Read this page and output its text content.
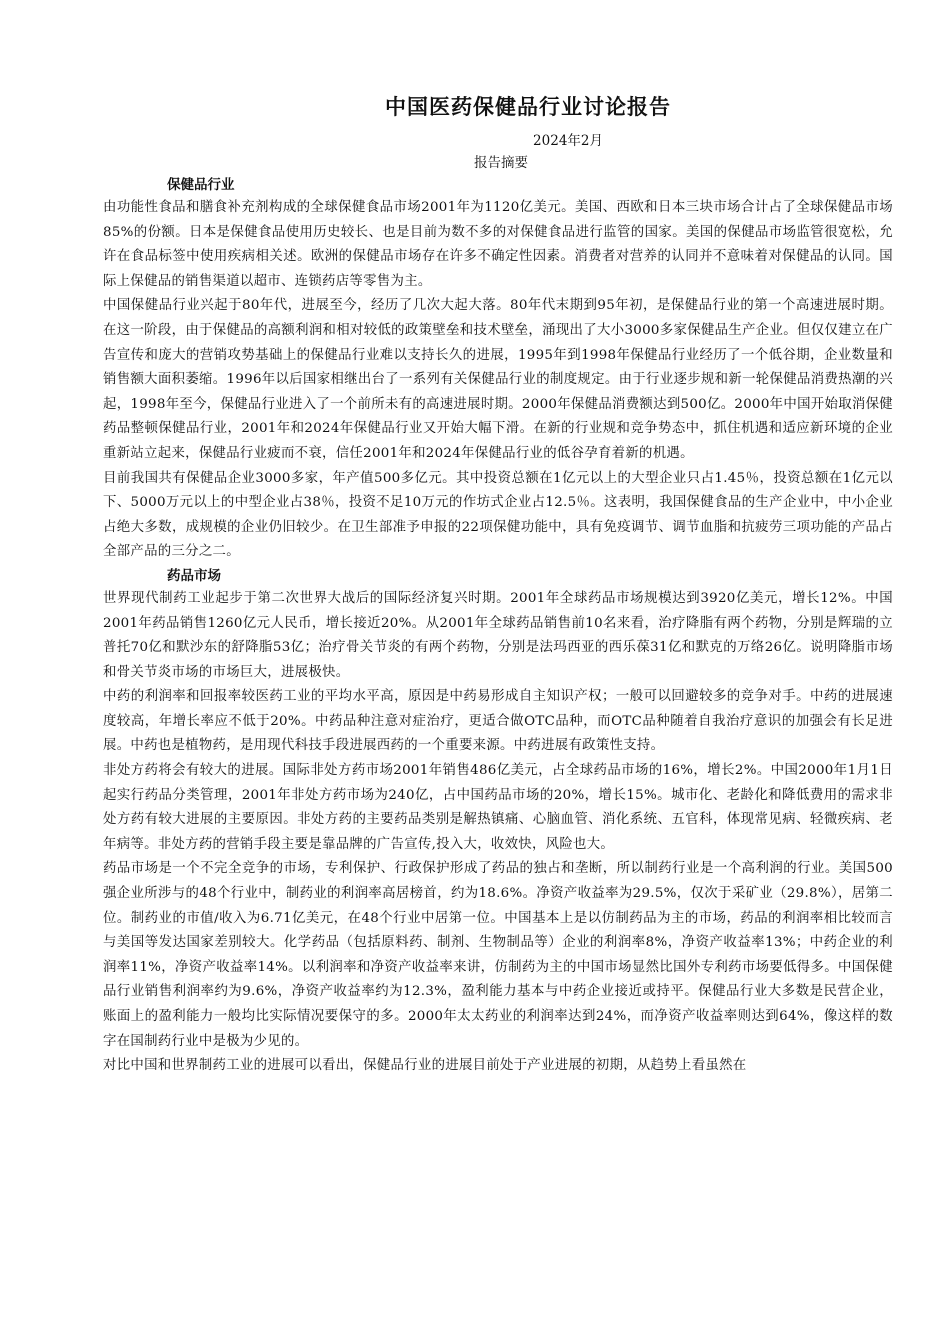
中国医药保健品行业讨论报告

2024年2月

报告摘要

保健品行业

由功能性食品和膳食补充剂构成的全球保健食品市场2001年为1120亿美元。美国、西欧和日本三块市场合计占了全球保健品市场85%的份额。日本是保健食品使用历史较长、也是目前为数不多的对保健食品进行监管的国家。美国的保健品市场监管很宽松，允许在食品标签中使用疾病相关述。欧洲的保健品市场存在许多不确定性因素。消费者对营养的认同并不意味着对保健品的认同。国际上保健品的销售渠道以超市、连锁药店等零售为主。

中国保健品行业兴起于80年代，进展至今，经历了几次大起大落。80年代末期到95年初，是保健品行业的第一个高速进展时期。在这一阶段，由于保健品的高额利润和相对较低的政策壁垒和技术壁垒，涌现出了大小3000多家保健品生产企业。但仅仅建立在广告宣传和庞大的营销攻势基础上的保健品行业难以支持长久的进展，1995年到1998年保健品行业经历了一个低谷期，企业数量和销售额大面积萎缩。1996年以后国家相继出台了一系列有关保健品行业的制度规定。由于行业逐步规和新一轮保健品消费热潮的兴起，1998年至今，保健品行业进入了一个前所未有的高速进展时期。2000年保健品消费额达到500亿。2000年中国开始取消保健药品整顿保健品行业，2001年和2024年保健品行业又开始大幅下滑。在新的行业规和竞争势态中，抓住机遇和适应新环境的企业重新站立起来，保健品行业疲而不衰，信任2001年和2024年保健品行业的低谷孕育着新的机遇。

目前我国共有保健品企业3000多家，年产值500多亿元。其中投资总额在1亿元以上的大型企业只占1.45％，投资总额在1亿元以下、5000万元以上的中型企业占38％，投资不足10万元的作坊式企业占12.5％。这表明，我国保健食品的生产企业中，中小企业占绝大多数，成规模的企业仍旧较少。在卫生部准予申报的22项保健功能中，具有免疫调节、调节血脂和抗疲劳三项功能的产品占全部产品的三分之二。

药品市场

世界现代制药工业起步于第二次世界大战后的国际经济复兴时期。2001年全球药品市场规模达到3920亿美元，增长12%。中国2001年药品销售1260亿元人民币，增长接近20%。从2001年全球药品销售前10名来看，治疗降脂有两个药物，分别是辉瑞的立普托70亿和默沙东的舒降脂53亿；治疗骨关节炎的有两个药物，分别是法玛西亚的西乐葆31亿和默克的万络26亿。说明降脂市场和骨关节炎市场的市场巨大，进展极快。

中药的利润率和回报率较医药工业的平均水平高，原因是中药易形成自主知识产权；一般可以回避较多的竞争对手。中药的进展速度较高，年增长率应不低于20%。中药品种注意对症治疗，更适合做OTC品种，而OTC品种随着自我治疗意识的加强会有长足进展。中药也是植物药，是用现代科技手段进展西药的一个重要来源。中药进展有政策性支持。

非处方药将会有较大的进展。国际非处方药市场2001年销售486亿美元，占全球药品市场的16%，增长2%。中国2000年1月1日起实行药品分类管理，2001年非处方药市场为240亿，占中国药品市场的20%，增长15%。城市化、老龄化和降低费用的需求非处方药有较大进展的主要原因。非处方药的主要药品类别是解热镇痛、心脑血管、消化系统、五官科，体现常见病、轻微疾病、老年病等。非处方药的营销手段主要是靠品牌的广告宣传,投入大，收效快，风险也大。

药品市场是一个不完全竞争的市场，专利保护、行政保护形成了药品的独占和垄断，所以制药行业是一个高利润的行业。美国500强企业所涉与的48个行业中，制药业的利润率高居榜首，约为18.6%。净资产收益率为29.5%，仅次于采矿业（29.8%），居第二位。制药业的市值/收入为6.71亿美元，在48个行业中居第一位。中国基本上是以仿制药品为主的市场，药品的利润率相比较而言与美国等发达国家差别较大。化学药品（包括原料药、制剂、生物制品等）企业的利润率8%，净资产收益率13%；中药企业的利润率11%，净资产收益率14%。以利润率和净资产收益率来讲，仿制药为主的中国市场显然比国外专利药市场要低得多。中国保健品行业销售利润率约为9.6%，净资产收益率约为12.3%，盈利能力基本与中药企业接近或持平。保健品行业大多数是民营企业，账面上的盈利能力一般均比实际情况要保守的多。2000年太太药业的利润率达到24%，而净资产收益率则达到64%，像这样的数字在国制药行业中是极为少见的。

对比中国和世界制药工业的进展可以看出，保健品行业的进展目前处于产业进展的初期，从趋势上看虽然在
